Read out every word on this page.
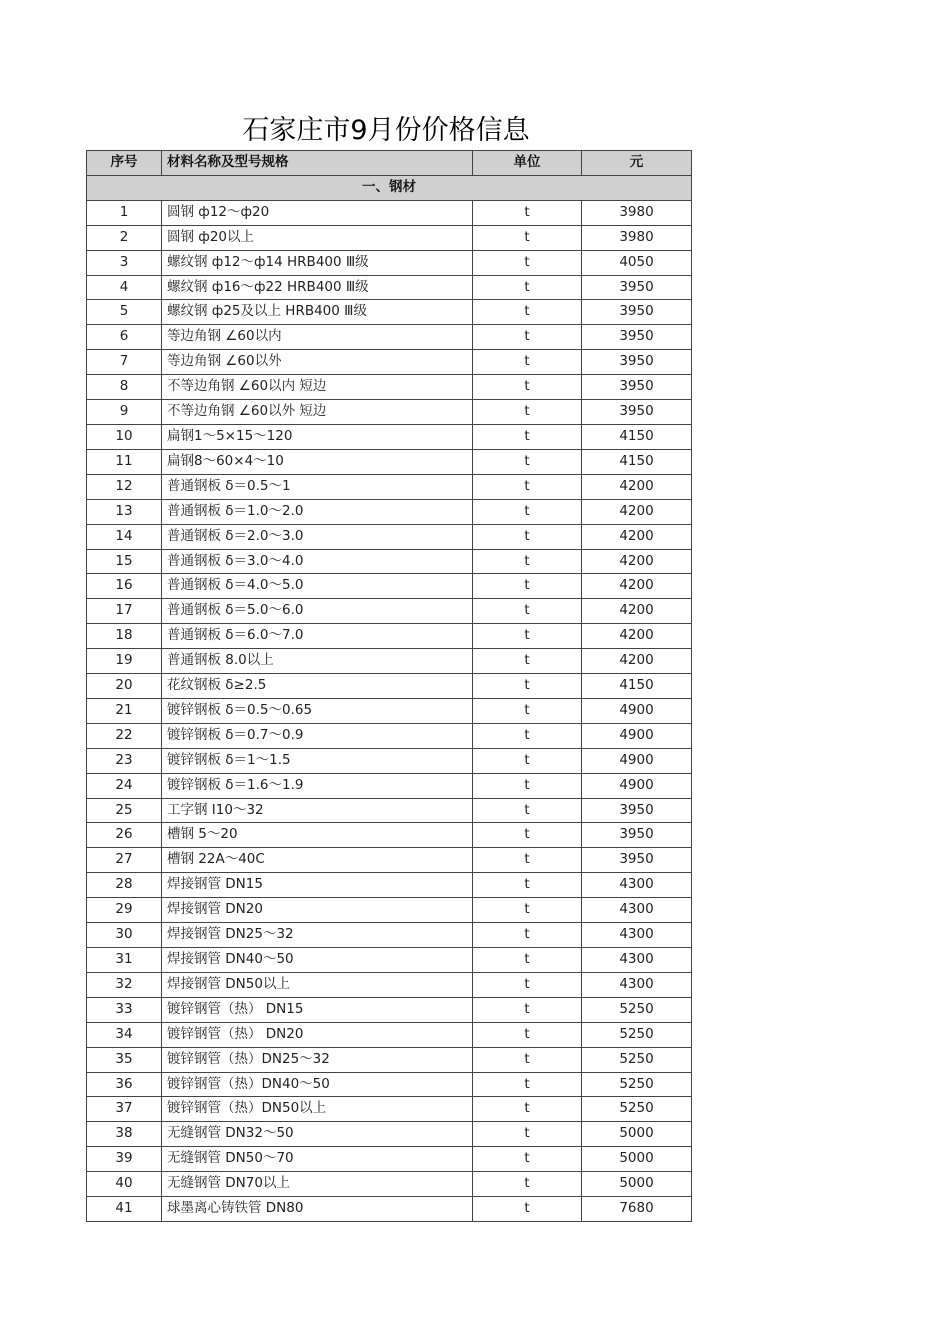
石家庄市9月份价格信息
序号	材料名称及型号规格	单位	元
一、钢材			
1	圆钢 ф12～ф20	t	3980
2	圆钢 ф20以上	t	3980
3	螺纹钢 ф12～ф14 HRB400 Ⅲ级	t	4050
4	螺纹钢 ф16～ф22 HRB400 Ⅲ级	t	3950
5	螺纹钢 ф25及以上 HRB400 Ⅲ级	t	3950
6	等边角钢 ∠60以内	t	3950
7	等边角钢 ∠60以外	t	3950
8	不等边角钢 ∠60以内 短边	t	3950
9	不等边角钢 ∠60以外 短边	t	3950
10	扁钢1～5×15～120	t	4150
11	扁钢8～60×4～10	t	4150
12	普通钢板 δ＝0.5～1	t	4200
13	普通钢板 δ＝1.0～2.0	t	4200
14	普通钢板 δ＝2.0～3.0	t	4200
15	普通钢板 δ＝3.0～4.0	t	4200
16	普通钢板 δ＝4.0～5.0	t	4200
17	普通钢板 δ＝5.0～6.0	t	4200
18	普通钢板 δ＝6.0～7.0	t	4200
19	普通钢板 8.0以上	t	4200
20	花纹钢板 δ≥2.5	t	4150
21	镀锌钢板 δ＝0.5～0.65	t	4900
22	镀锌钢板 δ＝0.7～0.9	t	4900
23	镀锌钢板 δ＝1～1.5	t	4900
24	镀锌钢板 δ＝1.6～1.9	t	4900
25	工字钢 Ⅰ10～32	t	3950
26	槽钢 5～20	t	3950
27	槽钢 22A～40C	t	3950
28	焊接钢管 DN15	t	4300
29	焊接钢管 DN20	t	4300
30	焊接钢管 DN25～32	t	4300
31	焊接钢管 DN40～50	t	4300
32	焊接钢管 DN50以上	t	4300
33	镀锌钢管（热） DN15	t	5250
34	镀锌钢管（热） DN20	t	5250
35	镀锌钢管（热）DN25～32	t	5250
36	镀锌钢管（热）DN40～50	t	5250
37	镀锌钢管（热）DN50以上	t	5250
38	无缝钢管 DN32～50	t	5000
39	无缝钢管 DN50～70	t	5000
40	无缝钢管 DN70以上	t	5000
41	球墨离心铸铁管 DN80	t	7680
